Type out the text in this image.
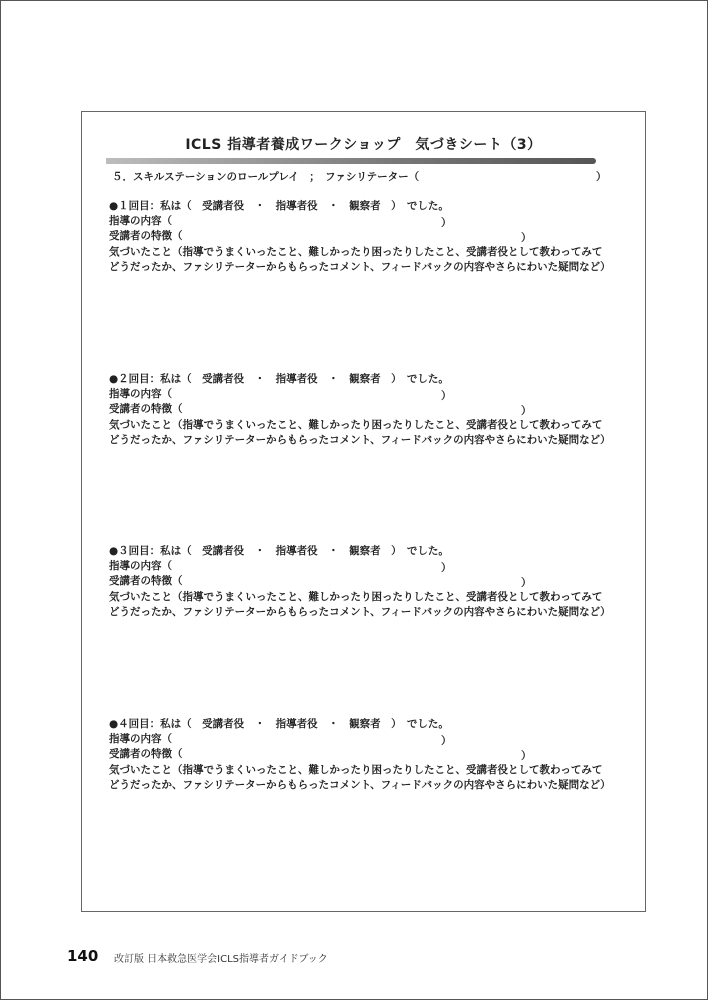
ICLS 指導者養成ワークショップ　気づきシート（3）
５．スキルステーションのロールプレイ　；　ファシリテーター（	）
●１回目：私は（　受講者役　・　指導者役　・　観察者　）　でした。
指導の内容（	）
受講者の特徴（	）
気づいたこと（指導でうまくいったこと、難しかったり困ったりしたこと、受講者役として教わってみて
どうだったか、ファシリテーターからもらったコメント、フィードバックの内容やさらにわいた疑問など）
●２回目：私は（　受講者役　・　指導者役　・　観察者　）　でした。
指導の内容（	）
受講者の特徴（	）
気づいたこと（指導でうまくいったこと、難しかったり困ったりしたこと、受講者役として教わってみて
どうだったか、ファシリテーターからもらったコメント、フィードバックの内容やさらにわいた疑問など）
●３回目：私は（　受講者役　・　指導者役　・　観察者　）　でした。
指導の内容（	）
受講者の特徴（	）
気づいたこと（指導でうまくいったこと、難しかったり困ったりしたこと、受講者役として教わってみて
どうだったか、ファシリテーターからもらったコメント、フィードバックの内容やさらにわいた疑問など）
●４回目：私は（　受講者役　・　指導者役　・　観察者　）　でした。
指導の内容（	）
受講者の特徴（	）
気づいたこと（指導でうまくいったこと、難しかったり困ったりしたこと、受講者役として教わってみて
どうだったか、ファシリテーターからもらったコメント、フィードバックの内容やさらにわいた疑問など）
140 改訂版 日本救急医学会ICLS指導者ガイドブック
